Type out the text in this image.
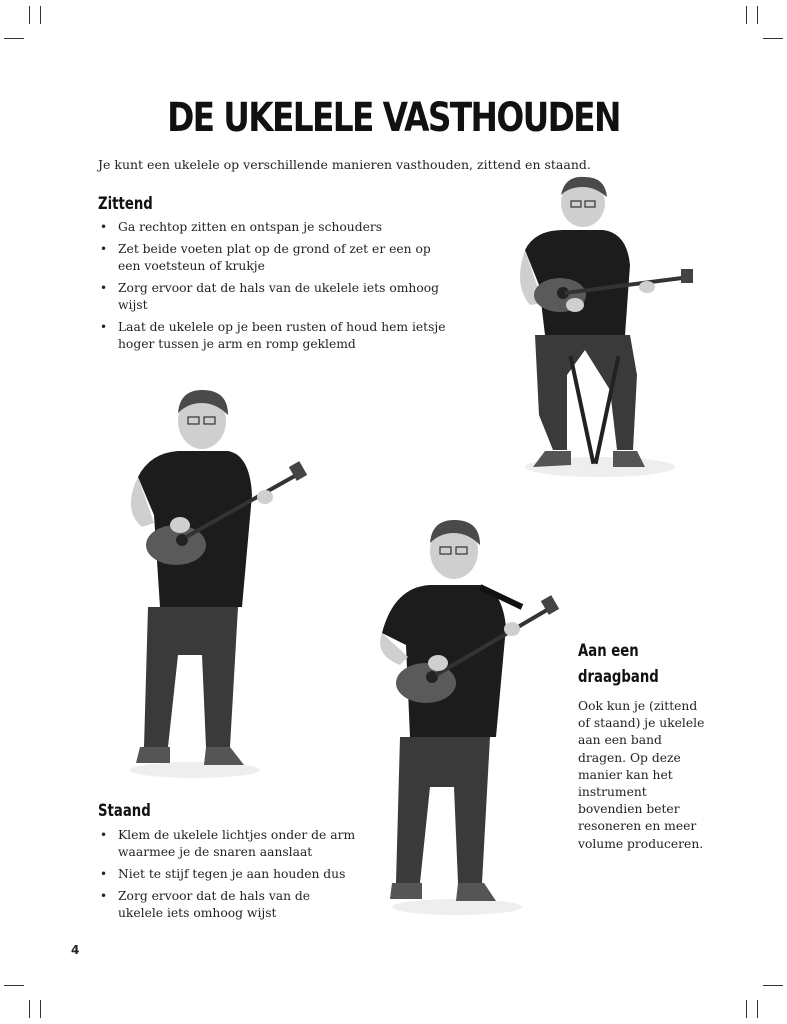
DE UKELELE VASTHOUDEN
Je kunt een ukelele op verschillende manieren vasthouden, zittend en staand.
Zittend
• Ga rechtop zitten en ontspan je schouders
• Zet beide voeten plat op de grond of zet er een op een voetsteun of krukje
• Zorg ervoor dat de hals van de ukelele iets omhoog wijst
• Laat de ukelele op je been rusten of houd hem ietsje hoger tussen je arm en romp geklemd
Aan een
draagband
Ook kun je (zittend of staand) je ukelele aan een band dragen. Op deze manier kan het instrument bovendien beter resoneren en meer volume produceren.
Staand
• Klem de ukelele lichtjes onder de arm waarmee je de snaren aanslaat
• Niet te stijf tegen je aan houden dus
• Zorg ervoor dat de hals van de ukelele iets omhoog wijst
4
